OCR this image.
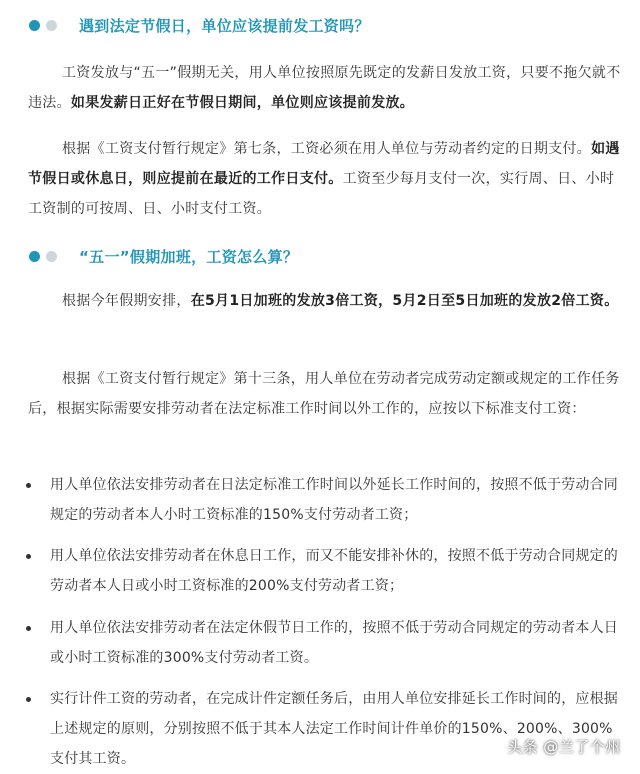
遇到法定节假日，单位应该提前发工资吗？

工资发放与“五一”假期无关，用人单位按照原先既定的发薪日发放工资，只要不拖欠就不违法。如果发薪日正好在节假日期间，单位则应该提前发放。

根据《工资支付暂行规定》第七条，工资必须在用人单位与劳动者约定的日期支付。如遇节假日或休息日，则应提前在最近的工作日支付。工资至少每月支付一次，实行周、日、小时工资制的可按周、日、小时支付工资。

“五一”假期加班，工资怎么算？

根据今年假期安排，在5月1日加班的发放3倍工资，5月2日至5日加班的发放2倍工资。

根据《工资支付暂行规定》第十三条，用人单位在劳动者完成劳动定额或规定的工作任务后，根据实际需要安排劳动者在法定标准工作时间以外工作的，应按以下标准支付工资：

用人单位依法安排劳动者在日法定标准工作时间以外延长工作时间的，按照不低于劳动合同规定的劳动者本人小时工资标准的150%支付劳动者工资；
用人单位依法安排劳动者在休息日工作，而又不能安排补休的，按照不低于劳动合同规定的劳动者本人日或小时工资标准的200%支付劳动者工资；
用人单位依法安排劳动者在法定休假节日工作的，按照不低于劳动合同规定的劳动者本人日或小时工资标准的300%支付劳动者工资。
实行计件工资的劳动者，在完成计件定额任务后，由用人单位安排延长工作时间的，应根据上述规定的原则，分别按照不低于其本人法定工作时间计件单价的150%、200%、300%支付其工资。
头条 @兰了个州
